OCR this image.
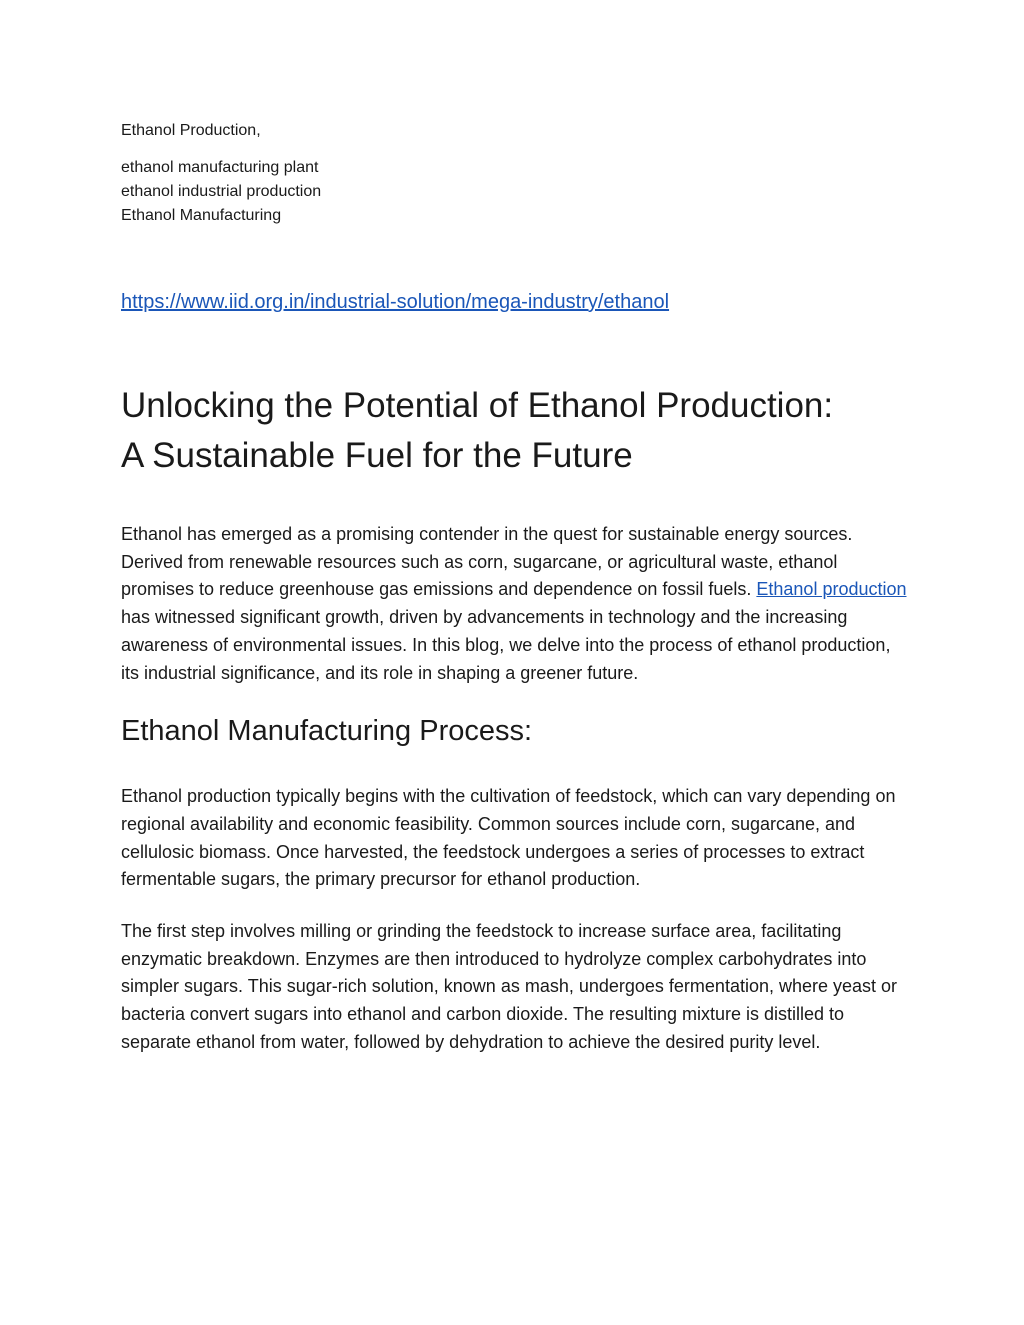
Ethanol Production,
ethanol manufacturing plant
ethanol industrial production
Ethanol Manufacturing
https://www.iid.org.in/industrial-solution/mega-industry/ethanol
Unlocking the Potential of Ethanol Production:
A Sustainable Fuel for the Future

Ethanol has emerged as a promising contender in the quest for sustainable energy sources. Derived from renewable resources such as corn, sugarcane, or agricultural waste, ethanol promises to reduce greenhouse gas emissions and dependence on fossil fuels. Ethanol production has witnessed significant growth, driven by advancements in technology and the increasing awareness of environmental issues. In this blog, we delve into the process of ethanol production, its industrial significance, and its role in shaping a greener future.

Ethanol Manufacturing Process:

Ethanol production typically begins with the cultivation of feedstock, which can vary depending on regional availability and economic feasibility. Common sources include corn, sugarcane, and cellulosic biomass. Once harvested, the feedstock undergoes a series of processes to extract fermentable sugars, the primary precursor for ethanol production.

The first step involves milling or grinding the feedstock to increase surface area, facilitating enzymatic breakdown. Enzymes are then introduced to hydrolyze complex carbohydrates into simpler sugars. This sugar-rich solution, known as mash, undergoes fermentation, where yeast or bacteria convert sugars into ethanol and carbon dioxide. The resulting mixture is distilled to separate ethanol from water, followed by dehydration to achieve the desired purity level.
